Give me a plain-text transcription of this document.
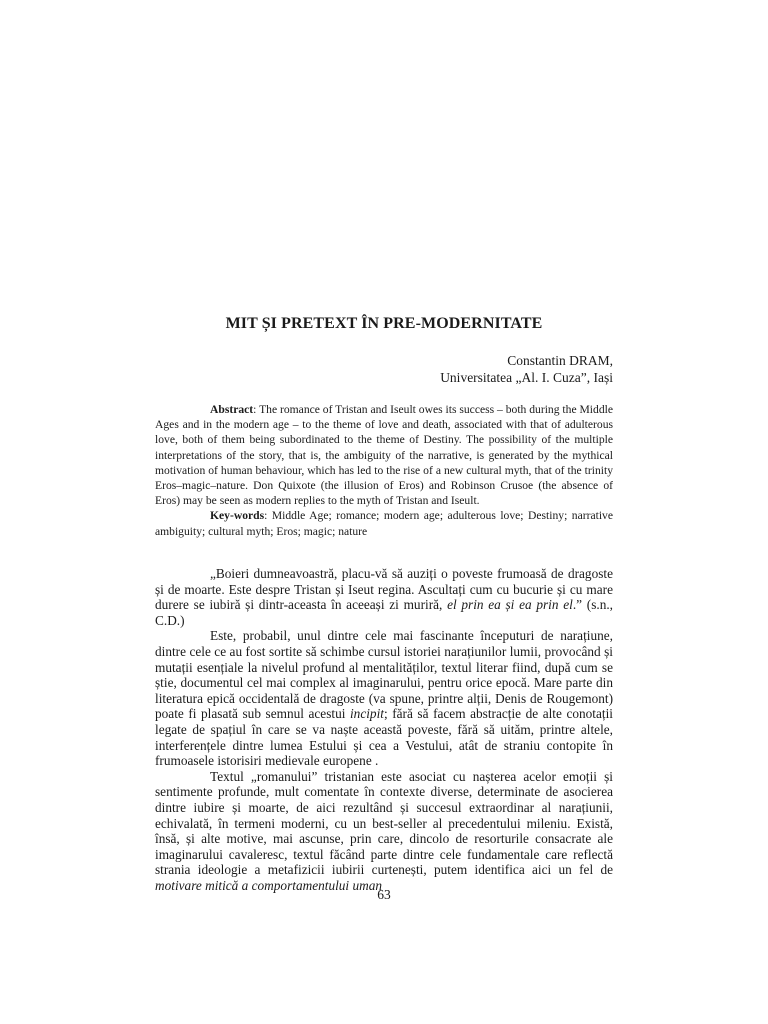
MIT ȘI PRETEXT ÎN PRE-MODERNITATE
Constantin DRAM,
Universitatea „Al. I. Cuza”, Iași

Abstract: The romance of Tristan and Iseult owes its success – both during the Middle Ages and in the modern age – to the theme of love and death, associated with that of adulterous love, both of them being subordinated to the theme of Destiny. The possibility of the multiple interpretations of the story, that is, the ambiguity of the narrative, is generated by the mythical motivation of human behaviour, which has led to the rise of a new cultural myth, that of the trinity Eros–magic–nature. Don Quixote (the illusion of Eros) and Robinson Crusoe (the absence of Eros) may be seen as modern replies to the myth of Tristan and Iseult.

Key-words: Middle Age; romance; modern age; adulterous love; Destiny; narrative ambiguity; cultural myth; Eros; magic; nature

„Boieri dumneavoastră, placu-vă să auziți o poveste frumoasă de dragoste și de moarte. Este despre Tristan și Iseut regina. Ascultați cum cu bucurie și cu mare durere se iubiră și dintr-aceasta în aceeași zi muriră, el prin ea și ea prin el.” (s.n., C.D.)

Este, probabil, unul dintre cele mai fascinante începuturi de narațiune, dintre cele ce au fost sortite să schimbe cursul istoriei narațiunilor lumii, provocând și mutații esențiale la nivelul profund al mentalităților, textul literar fiind, după cum se știe, documentul cel mai complex al imaginarului, pentru orice epocă. Mare parte din literatura epică occidentală de dragoste (va spune, printre alții, Denis de Rougemont) poate fi plasată sub semnul acestui incipit; fără să facem abstracție de alte conotații legate de spațiul în care se va naște această poveste, fără să uităm, printre altele, interferențele dintre lumea Estului și cea a Vestului, atât de straniu contopite în frumoasele istorisiri medievale europene .

Textul „romanului” tristanian este asociat cu nașterea acelor emoții și sentimente profunde, mult comentate în contexte diverse, determinate de asocierea dintre iubire și moarte, de aici rezultând și succesul extraordinar al narațiunii, echivalată, în termeni moderni, cu un best-seller al precedentului mileniu. Există, însă, și alte motive, mai ascunse, prin care, dincolo de resorturile consacrate ale imaginarului cavaleresc, textul făcând parte dintre cele fundamentale care reflectă strania ideologie a metafizicii iubirii curtenești, putem identifica aici un fel de motivare mitică a comportamentului uman

63
